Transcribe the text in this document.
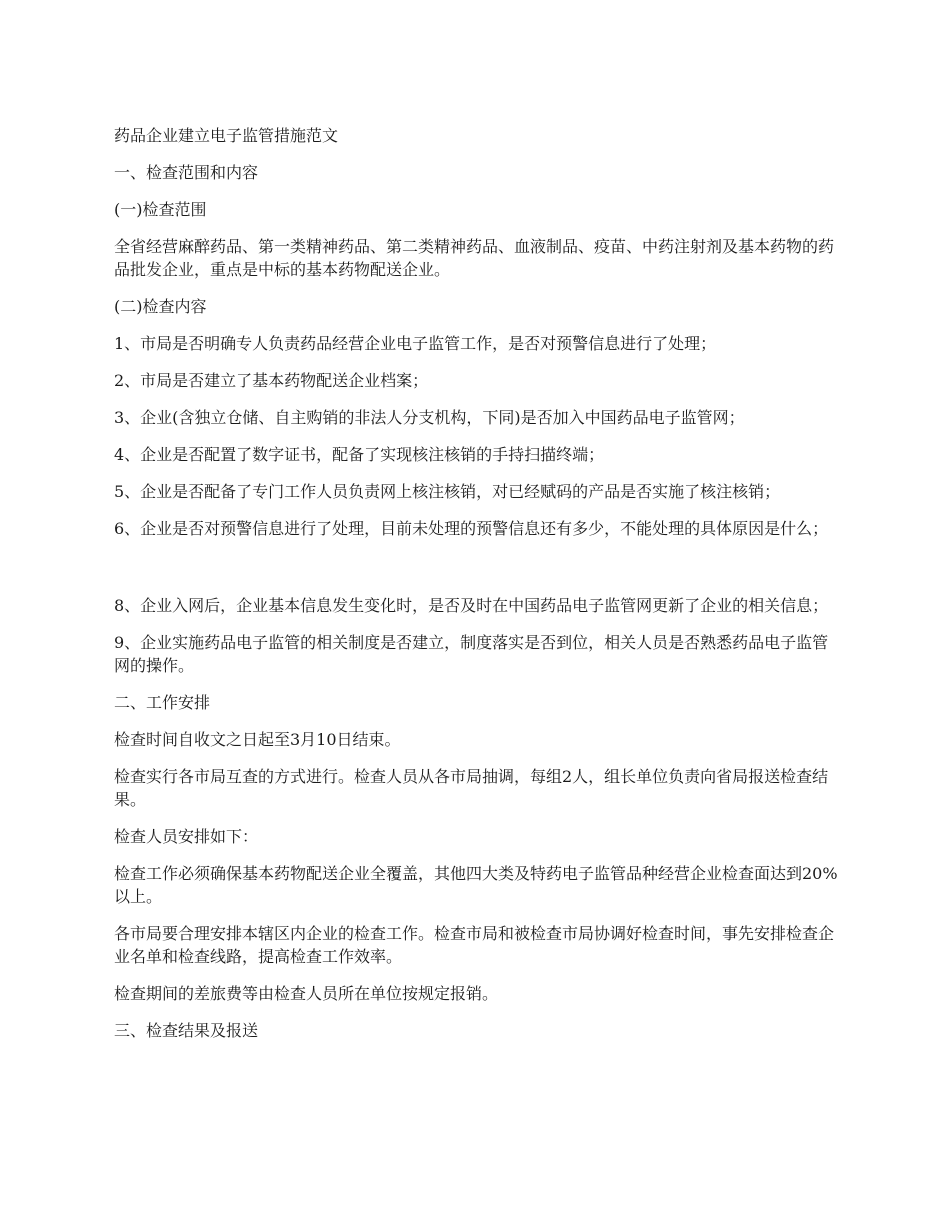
药品企业建立电子监管措施范文

一、检查范围和内容

(一)检查范围

全省经营麻醉药品、第一类精神药品、第二类精神药品、血液制品、疫苗、中药注射剂及基本药物的药品批发企业，重点是中标的基本药物配送企业。

(二)检查内容

1、市局是否明确专人负责药品经营企业电子监管工作，是否对预警信息进行了处理；

2、市局是否建立了基本药物配送企业档案；

3、企业(含独立仓储、自主购销的非法人分支机构，下同)是否加入中国药品电子监管网；

4、企业是否配置了数字证书，配备了实现核注核销的手持扫描终端；

5、企业是否配备了专门工作人员负责网上核注核销，对已经赋码的产品是否实施了核注核销；

6、企业是否对预警信息进行了处理，目前未处理的预警信息还有多少，不能处理的具体原因是什么；

8、企业入网后，企业基本信息发生变化时，是否及时在中国药品电子监管网更新了企业的相关信息；

9、企业实施药品电子监管的相关制度是否建立，制度落实是否到位，相关人员是否熟悉药品电子监管网的操作。

二、工作安排

检查时间自收文之日起至3月10日结束。

检查实行各市局互查的方式进行。检查人员从各市局抽调，每组2人，组长单位负责向省局报送检查结果。

检查人员安排如下：

检查工作必须确保基本药物配送企业全覆盖，其他四大类及特药电子监管品种经营企业检查面达到20%以上。

各市局要合理安排本辖区内企业的检查工作。检查市局和被检查市局协调好检查时间，事先安排检查企业名单和检查线路，提高检查工作效率。

检查期间的差旅费等由检查人员所在单位按规定报销。

三、检查结果及报送
